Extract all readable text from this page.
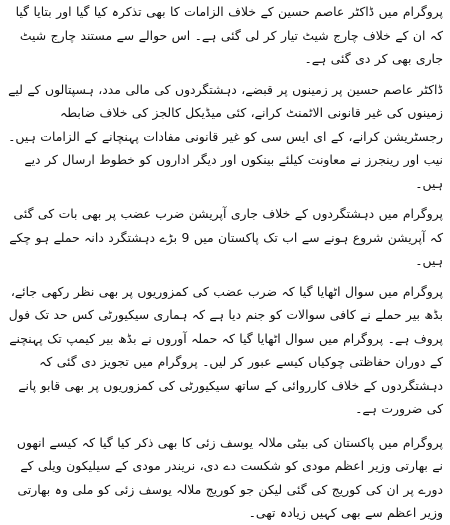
پروگرام میں ڈاکٹر عاصم حسین کے خلاف الزامات کا بھی تذکرہ کیا گیا اور بتایا گیا کہ ان کے خلاف چارج شیٹ تیار کر لی گئی ہے۔ اس حوالے سے مستند چارج شیٹ جاری بھی کر دی گئی ہے۔

ڈاکٹر عاصم حسین پر زمینوں پر قبضے، دہشتگردوں کی مالی مدد، ہسپتالوں کے لیے زمینوں کی غیر قانونی الاٹمنٹ کرانے، کئی میڈیکل کالجز کی خلاف ضابطہ رجسٹریشن کرانے، کے ای ایس سی کو غیر قانونی مفادات پہنچانے کے الزامات ہیں۔ نیب اور رینجرز نے معاونت کیلئے بینکوں اور دیگر اداروں کو خطوط ارسال کر دیے ہیں۔

پروگرام میں دہشتگردوں کے خلاف جاری آپریشن ضرب عضب پر بھی بات کی گئی کہ آپریشن شروع ہونے سے اب تک پاکستان میں 9 بڑے دہشتگرد دانہ حملے ہو چکے ہیں۔

پروگرام میں سوال اٹھایا گیا کہ ضرب عضب کی کمزوریوں پر بھی نظر رکھی جائے، بڈھ بیر حملے نے کافی سوالات کو جنم دیا ہے کہ ہماری سیکیورٹی کس حد تک فول پروف ہے۔ پروگرام میں سوال اٹھایا گیا کہ حملہ آوروں نے بڈھ بیر کیمپ تک پہنچنے کے دوران حفاظتی چوکیاں کیسے عبور کر لیں۔ پروگرام میں تجویز دی گئی کہ دہشتگردوں کے خلاف کارروائی کے ساتھ سیکیورٹی کی کمزوریوں پر بھی قابو پانے کی ضرورت ہے۔

پروگرام میں پاکستان کی بیٹی ملالہ یوسف زئی کا بھی ذکر کیا گیا کہ کیسے انھوں نے بھارتی وزیر اعظم مودی کو شکست دے دی، نریندر مودی کے سیلیکون ویلی کے دورے پر ان کی کوریج کی گئی لیکن جو کوریج ملالہ یوسف زئی کو ملی وہ بھارتی وزیر اعظم سے بھی کہیں زیادہ تھی۔
